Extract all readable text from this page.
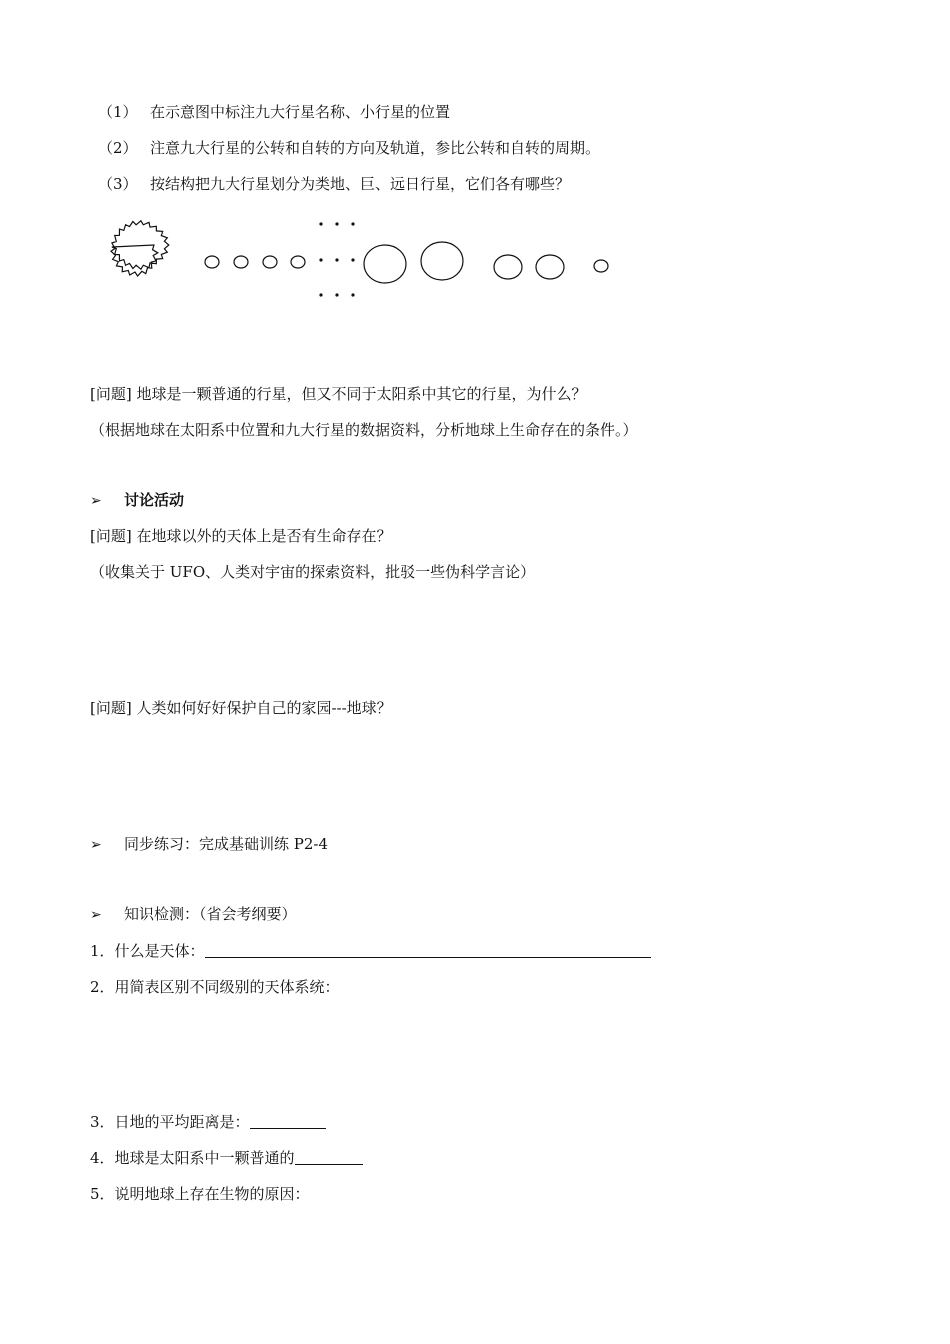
（1） 在示意图中标注九大行星名称、小行星的位置
（2） 注意九大行星的公转和自转的方向及轨道，参比公转和自转的周期。
（3） 按结构把九大行星划分为类地、巨、远日行星，它们各有哪些？
[问题] 地球是一颗普通的行星，但又不同于太阳系中其它的行星，为什么？
（根据地球在太阳系中位置和九大行星的数据资料，分析地球上生命存在的条件。）
➢ 讨论活动
[问题] 在地球以外的天体上是否有生命存在？
（收集关于 UFO、人类对宇宙的探索资料，批驳一些伪科学言论）
[问题] 人类如何好好保护自己的家园---地球？
➢ 同步练习：完成基础训练 P2-4
➢ 知识检测：（省会考纲要）
1．什么是天体：
2．用简表区别不同级别的天体系统：
3．日地的平均距离是：
4．地球是太阳系中一颗普通的
5．说明地球上存在生物的原因：
